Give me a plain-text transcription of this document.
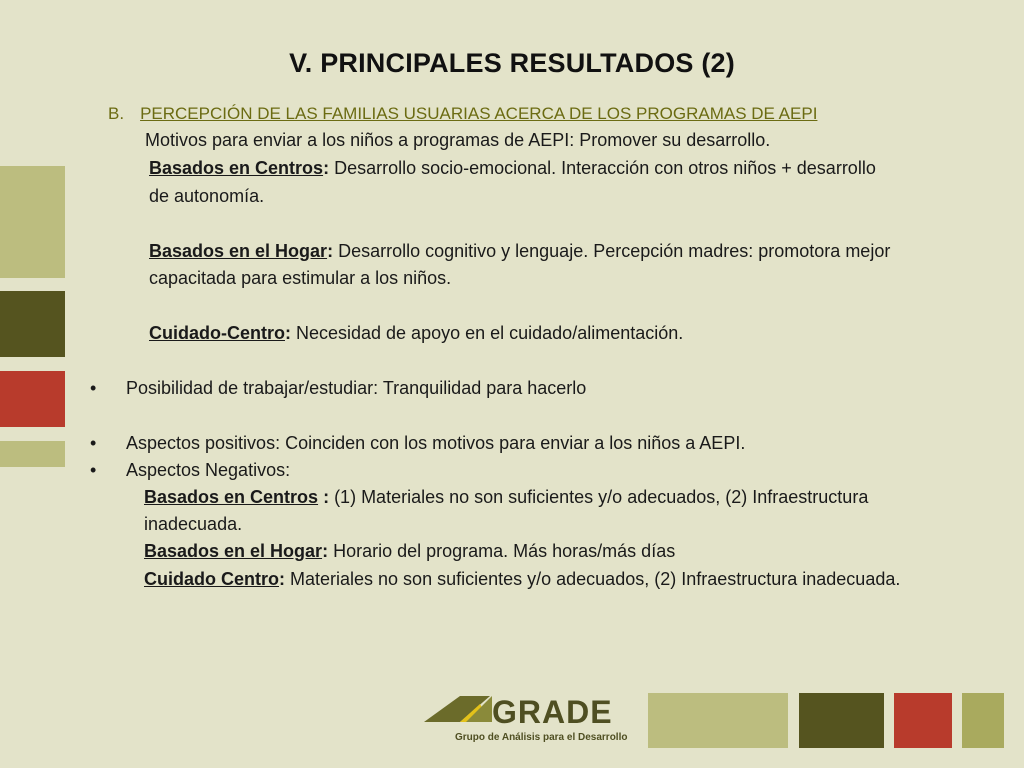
V. PRINCIPALES RESULTADOS (2)
B. PERCEPCIÓN DE LAS FAMILIAS USUARIAS ACERCA DE LOS PROGRAMAS DE AEPI
Motivos para enviar a los niños a programas de AEPI: Promover su desarrollo.
Basados en Centros: Desarrollo socio-emocional. Interacción con otros niños + desarrollo
de autonomía.
Basados en el Hogar: Desarrollo cognitivo y lenguaje. Percepción madres: promotora mejor
capacitada para estimular a los niños.
Cuidado-Centro: Necesidad de apoyo en el cuidado/alimentación.
• Posibilidad de trabajar/estudiar: Tranquilidad para hacerlo
• Aspectos positivos: Coinciden con los motivos para enviar a los niños a AEPI.
• Aspectos Negativos:
Basados en Centros : (1) Materiales no son suficientes y/o adecuados, (2) Infraestructura
inadecuada.
Basados en el Hogar: Horario del programa. Más horas/más días
Cuidado Centro: Materiales no son suficientes y/o adecuados, (2) Infraestructura inadecuada.
GRADE
Grupo de Análisis para el Desarrollo
